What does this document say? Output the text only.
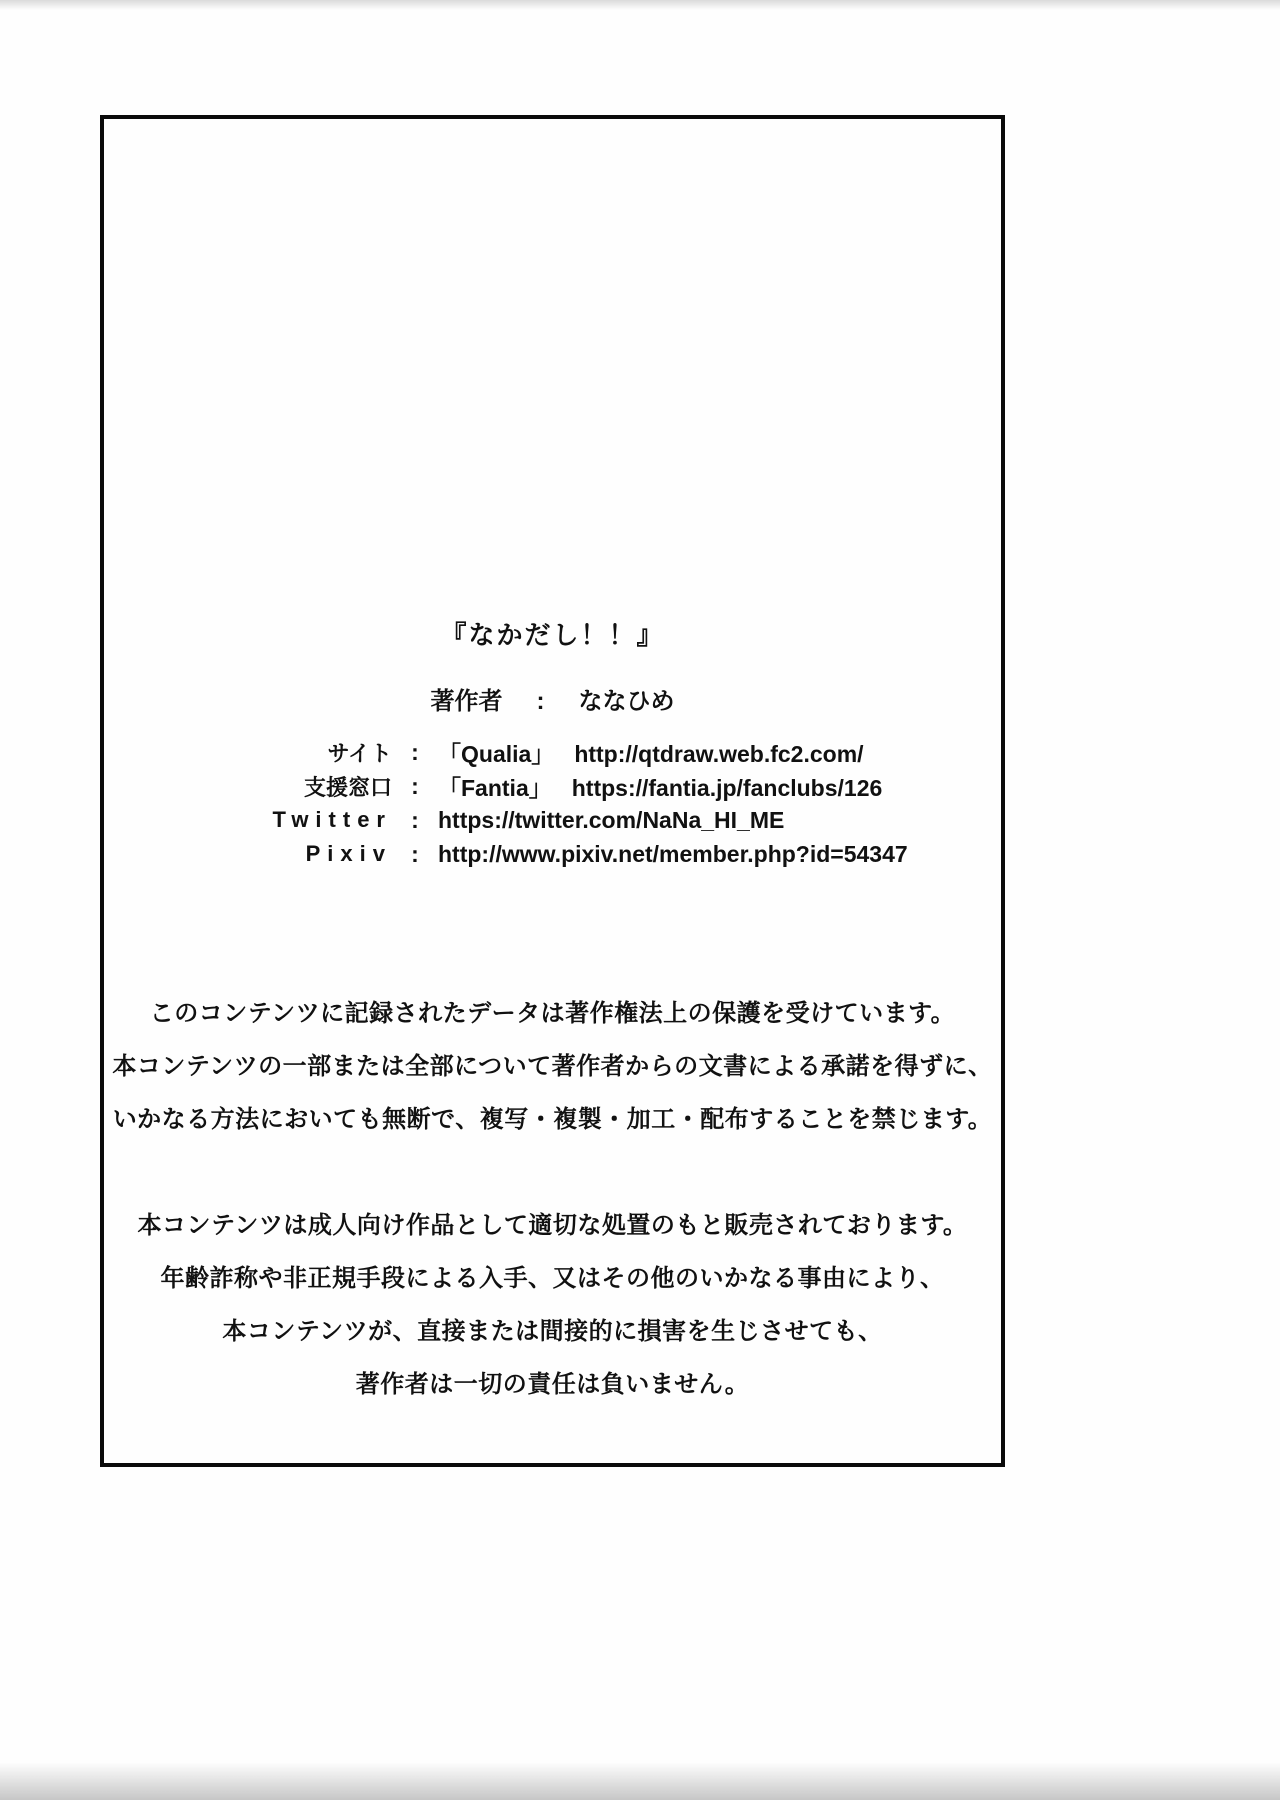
『なかだし！！』
著作者 : ななひめ
サイト : 「Qualia」 http://qtdraw.web.fc2.com/
支援窓口 : 「Fantia」 https://fantia.jp/fanclubs/126
Twitter : https://twitter.com/NaNa_HI_ME
Pixiv : http://www.pixiv.net/member.php?id=54347
このコンテンツに記録されたデータは著作権法上の保護を受けています。
本コンテンツの一部または全部について著作者からの文書による承諾を得ずに、
いかなる方法においても無断で、複写・複製・加工・配布することを禁じます。
本コンテンツは成人向け作品として適切な処置のもと販売されております。
年齢詐称や非正規手段による入手、又はその他のいかなる事由により、
本コンテンツが、直接または間接的に損害を生じさせても、
著作者は一切の責任は負いません。
